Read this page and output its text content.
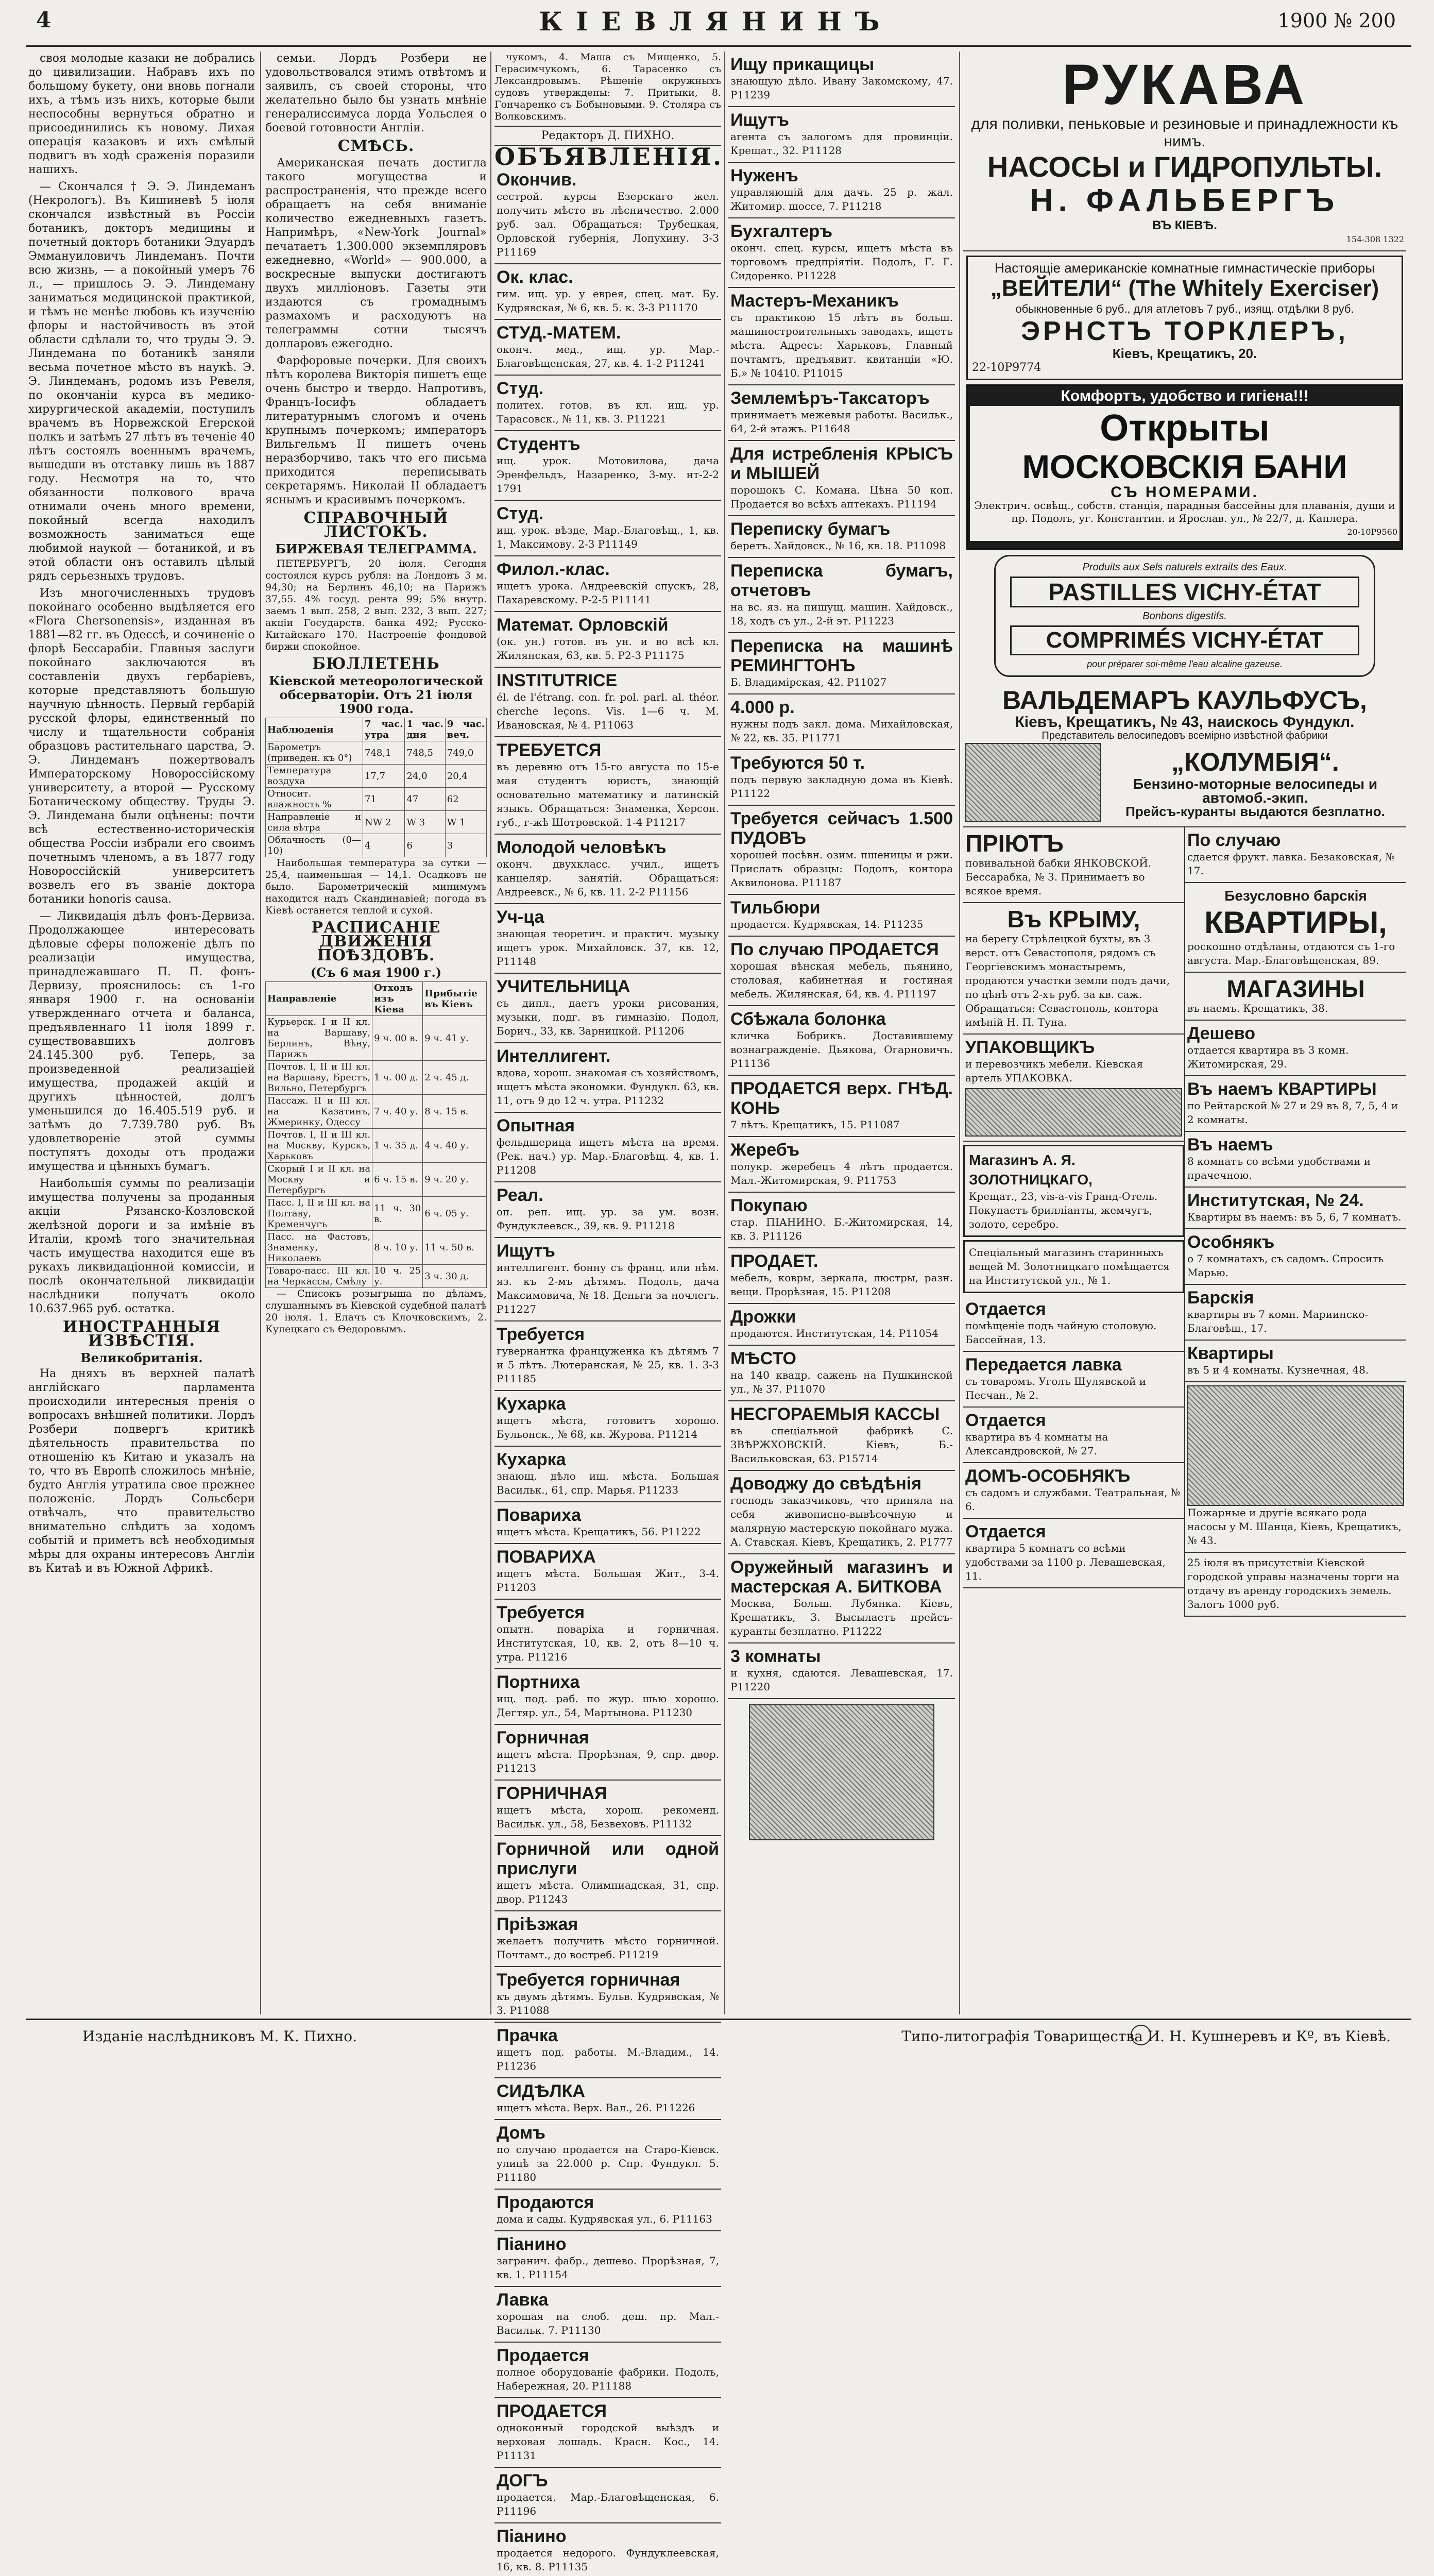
4	КІЕВЛЯНИНЪ	1900 № 200

своя молодые казаки не добрались до цивилизации. Набравъ ихъ по большому букету, они вновь погнали ихъ, а тѣмъ изъ нихъ, которые были неспособны вернуться обратно и присоединились къ новому. Лихая операція казаковъ и ихъ смѣлый подвигъ въ ходѣ сраженія поразили нашихъ.

— Скончался † Э. Э. Линдеманъ (Некрологъ). Въ Кишиневѣ 5 іюля скончался извѣстный въ Россіи ботаникъ, докторъ медицины и почетный докторъ ботаники Эдуардъ Эммануиловичъ Линдеманъ. Почти всю жизнь, — а покойный умеръ 76 л., — пришлось Э. Э. Линдеману заниматься медицинской практикой, и тѣмъ не менѣе любовь къ изученію флоры и настойчивость въ этой области сдѣлали то, что труды Э. Э. Линдемана по ботаникѣ заняли весьма почетное мѣсто въ наукѣ. Э. Э. Линдеманъ, родомъ изъ Ревеля, по окончаніи курса въ медико-хирургической академіи, поступилъ врачемъ въ Норвежской Егерской полкъ и затѣмъ 27 лѣтъ въ теченіе 40 лѣтъ состоялъ военнымъ врачемъ, вышедши въ отставку лишь въ 1887 году. Несмотря на то, что обязанности полкового врача отнимали очень много времени, покойный всегда находилъ возможность заниматься еще любимой наукой — ботаникой, и въ этой области онъ оставилъ цѣлый рядъ серьезныхъ трудовъ.

Изъ многочисленныхъ трудовъ покойнаго особенно выдѣляется его «Flora Chersonensis», изданная въ 1881—82 гг. въ Одессѣ, и сочиненіе о флорѣ Бессарабіи. Главныя заслуги покойнаго заключаются въ составленіи двухъ гербаріевъ, которые представляютъ большую научную цѣнность. Первый гербарій русской флоры, единственный по числу и тщательности собранія образцовъ растительнаго царства, Э. Э. Линдеманъ пожертвовалъ Императорскому Новороссійскому университету, а второй — Русскому Ботаническому обществу. Труды Э. Э. Линдемана были оцѣнены: почти всѣ естественно-историческія общества Россіи избрали его своимъ почетнымъ членомъ, а въ 1877 году Новороссійскій университетъ возвелъ его въ званіе доктора ботаники honoris causa.

— Ликвидація дѣлъ фонъ-Дервиза. Продолжающее интересовать дѣловые сферы положеніе дѣлъ по реализаціи имущества, принадлежавшаго П. П. фонъ-Дервизу, прояснилось: съ 1-го января 1900 г. на основаніи утвержденнаго отчета и баланса, предъявленнаго 11 іюля 1899 г. существовавшихъ долговъ 24.145.300 руб. Теперь, за произведенной реализаціей имущества, продажей акцій и другихъ цѣнностей, долгъ уменьшился до 16.405.519 руб. и затѣмъ до 7.739.780 руб. Въ удовлетвореніе этой суммы поступятъ доходы отъ продажи имущества и цѣнныхъ бумагъ.

Наибольшія суммы по реализаціи имущества получены за проданныя акціи Рязанско-Козловской желѣзной дороги и за имѣніе въ Италіи, кромѣ того значительная часть имущества находится еще въ рукахъ ликвидаціонной комиссіи, и послѣ окончательной ликвидаціи наслѣдники получатъ около 10.637.965 руб. остатка.

ИНОСТРАННЫЯ ИЗВѢСТІЯ.
Великобританія.

На дняхъ въ верхней палатѣ англійскаго парламента происходили интересныя пренія о вопросахъ внѣшней политики. Лордъ Розбери подвергъ критикѣ дѣятельность правительства по отношенію къ Китаю и указалъ на то, что въ Европѣ сложилось мнѣніе, будто Англія утратила свое прежнее положеніе. Лордъ Сольсбери отвѣчалъ, что правительство внимательно слѣдитъ за ходомъ событій и приметъ всѣ необходимыя мѣры для охраны интересовъ Англіи въ Китаѣ и въ Южной Африкѣ.

семьи. Лордъ Розбери не удовольствовался этимъ отвѣтомъ и заявилъ, съ своей стороны, что желательно было бы узнать мнѣніе генералиссимуса лорда Уольслея о боевой готовности Англіи.

СМѢСЬ.

Американская печать достигла такого могущества и распространенія, что прежде всего обращаетъ на себя вниманіе количество ежедневныхъ газетъ. Напримѣръ, «New-York Journal» печатаетъ 1.300.000 экземпляровъ ежедневно, «World» — 900.000, а воскресные выпуски достигаютъ двухъ милліоновъ. Газеты эти издаются съ громаднымъ размахомъ и расходуютъ на телеграммы сотни тысячъ долларовъ ежегодно.

Фарфоровые почерки. Для своихъ лѣтъ королева Викторія пишетъ еще очень быстро и твердо. Напротивъ, Францъ-Іосифъ обладаетъ литературнымъ слогомъ и очень крупнымъ почеркомъ; императоръ Вильгельмъ II пишетъ очень неразборчиво, такъ что его письма приходится переписывать секретарямъ. Николай II обладаетъ яснымъ и красивымъ почеркомъ.

СПРАВОЧНЫЙ ЛИСТОКЪ.
БИРЖЕВАЯ ТЕЛЕГРАММА.

ПЕТЕРБУРГЪ, 20 іюля. Сегодня состоялся курсъ рубля: на Лондонъ 3 м. 94,30; на Берлинъ 46,10; на Парижъ 37,55. 4% госуд. рента 99; 5% внутр. заемъ 1 вып. 258, 2 вып. 232, 3 вып. 227; акціи Государств. банка 492; Русско-Китайскаго 170. Настроеніе фондовой биржи спокойное.

БЮЛЛЕТЕНЬ
Кіевской метеорологической обсерваторіи. Отъ 21 іюля 1900 года.
Наблюденія	7 час. утра	1 час. дня	9 час. веч.
Барометръ (приведен. къ 0°)	748,1	748,5	749,0
Температура воздуха	17,7	24,0	20,4
Относит. влажность %	71	47	62
Направленіе и сила вѣтра	NW 2	W 3	W 1
Облачность (0—10)	4	6	3

Наибольшая температура за сутки — 25,4, наименьшая — 14,1. Осадковъ не было. Барометрическій минимумъ находится надъ Скандинавіей; погода въ Кіевѣ останется теплой и сухой.

РАСПИСАНІЕ ДВИЖЕНІЯ ПОѢЗДОВЪ.
(Съ 6 мая 1900 г.)
Направленіе	Отходъ изъ Кіева	Прибытіе въ Кіевъ
Курьерск. I и II кл. на Варшаву, Берлинъ, Вѣну, Парижъ	9 ч. 00 в.	9 ч. 41 у.
Почтов. I, II и III кл. на Варшаву, Брестъ, Вильно, Петербургъ	1 ч. 00 д.	2 ч. 45 д.
Пассаж. II и III кл. на Казатинъ, Жмеринку, Одессу	7 ч. 40 у.	8 ч. 15 в.
Почтов. I, II и III кл. на Москву, Курскъ, Харьковъ	1 ч. 35 д.	4 ч. 40 у.
Скорый I и II кл. на Москву и Петербургъ	6 ч. 15 в.	9 ч. 20 у.
Пасс. I, II и III кл. на Полтаву, Кременчугъ	11 ч. 30 в.	6 ч. 05 у.
Пасс. на Фастовъ, Знаменку, Николаевъ	8 ч. 10 у.	11 ч. 50 в.
Товаро-пасс. III кл. на Черкассы, Смѣлу	10 ч. 25 у.	3 ч. 30 д.

— Списокъ розыгрыша по дѣламъ, слушаннымъ въ Кіевской судебной палатѣ 20 іюля. 1. Елачъ съ Клочковскимъ, 2. Кулецкаго съ Ѳедоровымъ.

чукомъ, 4. Маша съ Мищенко, 5. Герасимчукомъ, 6. Тарасенко съ Лександровымъ. Рѣшеніе окружныхъ судовъ утверждены: 7. Притыки, 8. Гончаренко съ Бобыновыми. 9. Столяра съ Волковскимъ.

Редакторъ Д. ПИХНО.
ОБЪЯВЛЕНІЯ.
Окончив.
сестрой. курсы Езерскаго жел. получить мѣсто въ лѣсничество. 2.000 руб. зал. Обращаться: Трубецкая, Орловской губернія, Лопухину. 3-3 Р11169
Ок. клас.
гим. ищ. ур. у еврея, спец. мат. Бу. Кудрявская, № 6, кв. 5. к. 3-3 Р11170
СТУД.-МАТЕМ.
оконч. мед., ищ. ур. Мар.-Благовѣщенская, 27, кв. 4. 1-2 Р11241
Студ.
политех. готов. въ кл. ищ. ур. Тарасовск., № 11, кв. 3. Р11221
Студентъ
ищ. урок. Мотовилова, дача Эренфельдъ, Назаренко, 3-му. нт-2-2 1791
Студ.
ищ. урок. вѣзде, Мар.-Благовѣщ., 1, кв. 1, Максимову. 2-3 Р11149
Филол.-клас.
ищетъ урока. Андреевскій спускъ, 28, Пахаревскому. Р-2-5 Р11141
Математ. Орловскій
(ок. ун.) готов. въ ун. и во всѣ кл. Жилянская, 63, кв. 5. Р2-3 Р11175
INSTITUTRICE
él. de l'étrang. con. fr. pol. parl. al. théor. cherche leçons. Vis. 1—6 ч. М. Ивановская, № 4. Р11063
ТРЕБУЕТСЯ
въ деревню отъ 15-го августа по 15-е мая студентъ юристъ, знающій основательно математику и латинскій языкъ. Обращаться: Знаменка, Херсон. губ., г-жѣ Шотровской. 1-4 Р11217
Молодой человѣкъ
оконч. двухкласс. учил., ищетъ канцеляр. занятій. Обращаться: Андреевск., № 6, кв. 11. 2-2 Р11156
Уч-ца
знающая теоретич. и практич. музыку ищетъ урок. Михайловск. 37, кв. 12, Р11148
УЧИТЕЛЬНИЦА
съ дипл., даетъ уроки рисования, музыки, подг. въ гимназію. Подол, Борич., 33, кв. Зарницкой. Р11206
Интеллигент.
вдова, хорош. знакомая съ хозяйствомъ, ищетъ мѣста экономки. Фундукл. 63, кв. 11, отъ 9 до 12 ч. утра. Р11232
Опытная
фельдшерица ищетъ мѣста на время. (Рек. нач.) ур. Мар.-Благовѣщ. 4, кв. 1. Р11208
Реал.
оп. реп. ищ. ур. за ум. возн. Фундуклеевск., 39, кв. 9. Р11218
Ищутъ
интеллигент. бонну съ франц. или нѣм. яз. къ 2-мъ дѣтямъ. Подолъ, дача Максимовича, № 18. Деньги за ночлегъ. Р11227
Требуется
гувернантка француженка къ дѣтямъ 7 и 5 лѣтъ. Лютеранская, № 25, кв. 1. 3-3 Р11185
Кухарка
ищетъ мѣста, готовитъ хорошо. Бульонск., № 68, кв. Журова. Р11214
Кухарка
знающ. дѣло ищ. мѣста. Большая Васильк., 61, спр. Марья. Р11233
Повариха
ищетъ мѣста. Крещатикъ, 56. Р11222
ПОВАРИХА
ищетъ мѣста. Большая Жит., 3-4. Р11203
Требуется
опытн. поварiха и горничная. Институтская, 10, кв. 2, отъ 8—10 ч. утра. Р11216
Портниха
ищ. под. раб. по жур. шью хорошо. Дегтяр. ул., 54, Мартынова. Р11230
Горничная
ищетъ мѣста. Прорѣзная, 9, спр. двор. Р11213
ГОРНИЧНАЯ
ищетъ мѣста, хорош. рекоменд. Васильк. ул., 58, Безвеховъ. Р11132
Горничной или одной прислуги
ищетъ мѣста. Олимпиадская, 31, спр. двор. Р11243
Прiѣзжая
желаетъ получить мѣсто горничной. Почтамт., до востреб. Р11219
Требуется горничная
къ двумъ дѣтямъ. Бульв. Кудрявская, № 3. Р11088
Прачка
ищетъ под. работы. М.-Владим., 14. Р11236
СИДѢЛКА
ищетъ мѣста. Верх. Вал., 26. Р11226
Домъ
по случаю продается на Старо-Кіевск. улицѣ за 22.000 р. Спр. Фундукл. 5. Р11180
Продаются
дома и сады. Кудрявская ул., 6. Р11163
Пiанино
загранич. фабр., дешево. Прорѣзная, 7, кв. 1. Р11154
Лавка
хорошая на слоб. деш. пр. Мал.-Васильк. 7. Р11130
Продается
полное оборудованіе фабрики. Подолъ, Набережная, 20. Р11188
ПРОДАЕТСЯ
одноконный городской выѣздъ и верховая лошадь. Красн. Кос., 14. Р11131
ДОГЪ
продается. Мар.-Благовѣщенская, 6. Р11196
Пiанино
продается недорого. Фундуклеевская, 16, кв. 8. Р11135
Ищу прикащицы
знающую дѣло. Ивану Закомскому, 47. Р11239
Ищутъ
агента съ залогомъ для провинціи. Крещат., 32. Р11128
Нуженъ
управляющій для дачъ. 25 р. жал. Житомир. шоссе, 7. Р11218
Бухгалтеръ
оконч. спец. курсы, ищетъ мѣста въ торговомъ предпріятіи. Подолъ, Г. Г. Сидоренко. Р11228
Мастеръ-Механикъ
съ практикою 15 лѣтъ въ больш. машиностроительныхъ заводахъ, ищетъ мѣста. Адресъ: Харьковъ, Главный почтамтъ, предъявит. квитанціи «Ю. Б.» № 10410. Р11015
Землемѣръ-Таксаторъ
принимаетъ межевыя работы. Васильк., 64, 2-й этажъ. Р11648
Для истребленія КРЫСЪ и МЫШЕЙ
порошокъ С. Комана. Цѣна 50 коп. Продается во всѣхъ аптекахъ. Р11194
Переписку бумагъ
беретъ. Хайдовск., № 16, кв. 18. Р11098
Переписка бумагъ, отчетовъ
на вс. яз. на пишущ. машин. Хайдовск., 18, ходъ съ ул., 2-й эт. Р11223
Переписка на машинѣ РЕМИНГТОНЪ
Б. Владимірская, 42. Р11027
4.000 р.
нужны подъ закл. дома. Михайловская, № 22, кв. 35. Р11771
Требуются 50 т.
подъ первую закладную дома въ Кіевѣ. Р11122
Требуется сейчасъ 1.500 ПУДОВЪ
хорошей посѣвн. озим. пшеницы и ржи. Прислать образцы: Подолъ, контора Аквилонова. Р11187
Тильбюри
продается. Кудрявская, 14. Р11235
По случаю ПРОДАЕТСЯ
хорошая вѣнская мебель, пьянино, столовая, кабинетная и гостиная мебель. Жилянская, 64, кв. 4. Р11197
Сбѣжала болонка
кличка Бобрикъ. Доставившему вознагражденіе. Дьякова, Огарновичъ. Р11136
ПРОДАЕТСЯ верх. ГНѢД. КОНЬ
7 лѣтъ. Крещатикъ, 15. Р11087
Жеребъ
полукр. жеребецъ 4 лѣтъ продается. Мал.-Житомирская, 9. Р11753
Покупаю
стар. ПІАНИНО. Б.-Житомирская, 14, кв. 3. Р11126
ПРОДАЕТ.
мебель, ковры, зеркала, люстры, разн. вещи. Прорѣзная, 15. Р11208
Дрожки
продаются. Институтская, 14. Р11054
МѢСТО
на 140 квадр. сажень на Пушкинской ул., № 37. Р11070
НЕСГОРАЕМЫЯ КАССЫ
въ спеціальной фабрикѣ С. ЗВѢРЖХОВСКІЙ. Кіевъ, Б.-Васильковская, 63. Р15714
Доводжу до свѣдѣнія
господъ заказчиковъ, что приняла на себя живописно-вывѣсочную и малярную мастерскую покойнаго мужа. А. Ставская. Кіевъ, Крещатикъ, 2. Р1777
Оружейный магазинъ и мастерская А. БИТКОВА
Москва, Больш. Лубянка. Кіевъ, Крещатикъ, 3. Высылаетъ прейсъ-куранты безплатно. Р11222
3 комнаты
и кухня, сдаются. Левашевская, 17. Р11220
РУКАВА
для поливки, пеньковые и резиновые и принадлежности къ нимъ.
НАСОСЫ и ГИДРОПУЛЬТЫ.
Н. ФАЛЬБЕРГЪ
ВЪ КІЕВѢ.
154-308 1322
Настоящіе американскіе комнатные гимнастическіе приборы
„ВЕЙТЕЛИ“ (The Whitely Exerciser)
обыкновенные 6 руб., для атлетовъ 7 руб., изящ. отдѣлки 8 руб.
ЭРНСТЪ ТОРКЛЕРЪ,
Кіевъ, Крещатикъ, 20.
22-10Р9774
Комфортъ, удобство и гигіена!!!
Открыты
МОСКОВСКІЯ БАНИ
СЪ НОМЕРАМИ.
Электрич. освѣщ., собств. станція, парадныя бассейны для плаванія, души и пр. Подолъ, уг. Константин. и Ярослав. ул., № 22/7, д. Каплера.
20-10Р9560
Produits aux Sels naturels extraits des Eaux.
PASTILLES VICHY-ÉTAT
Bonbons digestifs.
COMPRIMÉS VICHY-ÉTAT
pour préparer soi-même l'eau alcaline gazeuse.
ВАЛЬДЕМАРЪ КАУЛЬФУСЪ,
Кіевъ, Крещатикъ, № 43, наискось Фундукл.
Представитель велосипедовъ всемірно извѣстной фабрики
„КОЛУМБІЯ“.
Бензино-моторные велосипеды и автомоб.-экип.
Прейсъ-куранты выдаются безплатно.
ПРІЮТЪ
повивальной бабки ЯНКОВСКОЙ. Бессарабка, № 3. Принимаетъ во всякое время.
Въ КРЫМУ,
на берегу Стрѣлецкой бухты, въ 3 верст. отъ Севастополя, рядомъ съ Георгіевскимъ монастыремъ, продаются участки земли подъ дачи, по цѣнѣ отъ 2-хъ руб. за кв. саж. Обращаться: Севастополь, контора имѣній Н. П. Туна.
УПАКОВЩИКЪ
и перевозчикъ мебели. Кіевская артель УПАКОВКА.
Магазинъ А. Я. ЗОЛОТНИЦКАГО,
Крещат., 23, vis-a-vis Гранд-Отель. Покупаетъ брилліанты, жемчугъ, золото, серебро.
Спеціальный магазинъ старинныхъ вещей М. Золотницкаго помѣщается на Институтской ул., № 1.
Отдается
помѣщеніе подъ чайную столовую. Бассейная, 13.
Передается лавка
съ товаромъ. Уголъ Шулявской и Песчан., № 2.
Отдается
квартира въ 4 комнаты на Александровской, № 27.
ДОМЪ-ОСОБНЯКЪ
съ садомъ и службами. Театральная, № 6.
Отдается
квартира 5 комнатъ со всѣми удобствами за 1100 р. Левашевская, 11.
По случаю
сдается фрукт. лавка. Безаковская, № 17.
Безусловно барскія
КВАРТИРЫ,
роскошно отдѣланы, отдаются съ 1-го августа. Мар.-Благовѣщенская, 89.
МАГАЗИНЫ
въ наемъ. Крещатикъ, 38.
Дешево
отдается квартира въ 3 комн. Житомирская, 29.
Въ наемъ КВАРТИРЫ
по Рейтарской № 27 и 29 въ 8, 7, 5, 4 и 2 комнаты.
Въ наемъ
8 комнатъ со всѣми удобствами и прачечною.
Институтская, № 24.
Квартиры въ наемъ: въ 5, 6, 7 комнатъ.
Особнякъ
о 7 комнатахъ, съ садомъ. Спросить Марью.
Барскія
квартиры въ 7 комн. Мариинско-Благовѣщ., 17.
Квартиры
въ 5 и 4 комнаты. Кузнечная, 48.
Пожарные и другіе всякаго рода насосы у М. Шанца, Кіевъ, Крещатикъ, № 43.
25 іюля въ присутствіи Кіевской городской управы назначены торги на отдачу въ аренду городскихъ земель. Залогъ 1000 руб.
Изданіе наслѣдниковъ М. К. Пихно.	Типо-литографія Товарищества И. Н. Кушнеревъ и Кº, въ Кіевѣ.
